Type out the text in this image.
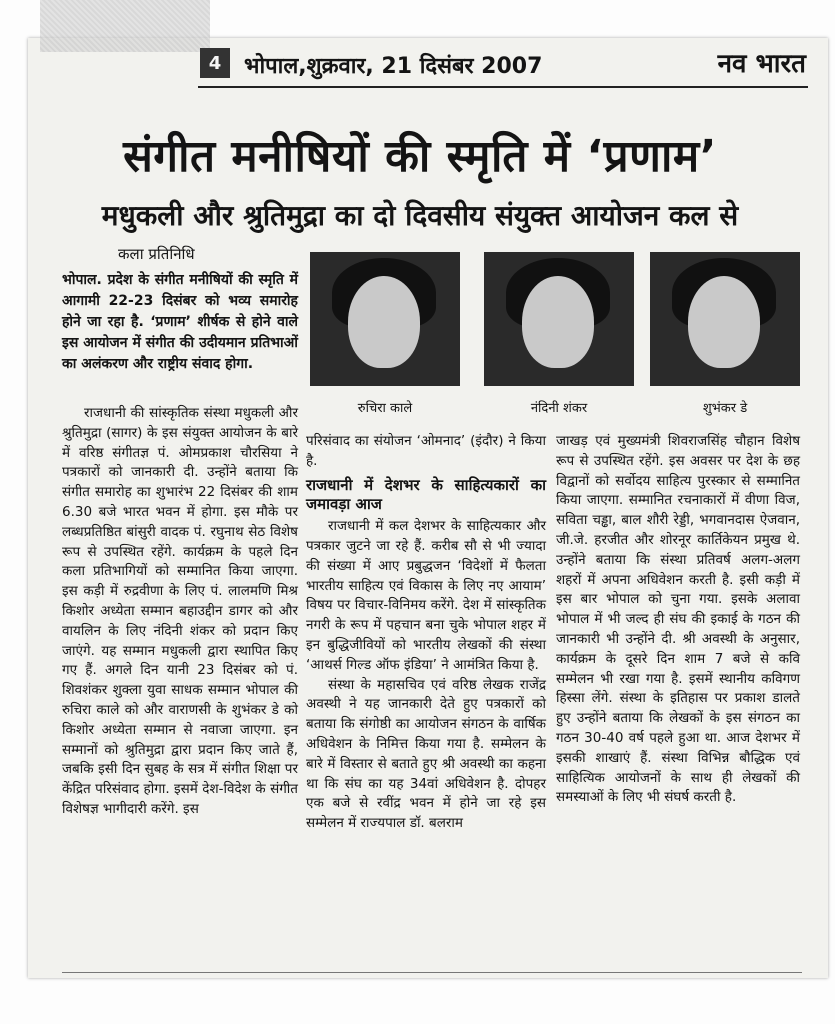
4	भोपाल,शुक्रवार, 21 दिसंबर 2007	नव भारत
संगीत मनीषियों की स्मृति में ‘प्रणाम’
मधुकली और श्रुतिमुद्रा का दो दिवसीय संयुक्त आयोजन कल से
कला प्रतिनिधि

भोपाल. प्रदेश के संगीत मनीषियों की स्मृति में आगामी 22-23 दिसंबर को भव्य समारोह होने जा रहा है. ‘प्रणाम’ शीर्षक से होने वाले इस आयोजन में संगीत की उदीयमान प्रतिभाओं का अलंकरण और राष्ट्रीय संवाद होगा.

रुचिरा काले	नंदिनी शंकर	शुभंकर डे

राजधानी की सांस्कृतिक संस्था मधुकली और श्रुतिमुद्रा (सागर) के इस संयुक्त आयोजन के बारे में वरिष्ठ संगीतज्ञ पं. ओमप्रकाश चौरसिया ने पत्रकारों को जानकारी दी. उन्होंने बताया कि संगीत समारोह का शुभारंभ 22 दिसंबर की शाम 6.30 बजे भारत भवन में होगा. इस मौके पर लब्धप्रतिष्ठित बांसुरी वादक पं. रघुनाथ सेठ विशेष रूप से उपस्थित रहेंगे. कार्यक्रम के पहले दिन कला प्रतिभागियों को सम्मानित किया जाएगा. इस कड़ी में रुद्रवीणा के लिए पं. लालमणि मिश्र किशोर अध्येता सम्मान बहाउद्दीन डागर को और वायलिन के लिए नंदिनी शंकर को प्रदान किए जाएंगे. यह सम्मान मधुकली द्वारा स्थापित किए गए हैं. अगले दिन यानी 23 दिसंबर को पं. शिवशंकर शुक्ला युवा साधक सम्मान भोपाल की रुचिरा काले को और वाराणसी के शुभंकर डे को किशोर अध्येता सम्मान से नवाजा जाएगा. इन सम्मानों को श्रुतिमुद्रा द्वारा प्रदान किए जाते हैं, जबकि इसी दिन सुबह के सत्र में संगीत शिक्षा पर केंद्रित परिसंवाद होगा. इसमें देश-विदेश के संगीत विशेषज्ञ भागीदारी करेंगे. इस

परिसंवाद का संयोजन ‘ओमनाद’ (इंदौर) ने किया है.

राजधानी में देशभर के साहित्यकारों का जमावड़ा आज

राजधानी में कल देशभर के साहित्यकार और पत्रकार जुटने जा रहे हैं. करीब सौ से भी ज्यादा की संख्या में आए प्रबुद्धजन ‘विदेशों में फैलता भारतीय साहित्य एवं विकास के लिए नए आयाम’ विषय पर विचार-विनिमय करेंगे. देश में सांस्कृतिक नगरी के रूप में पहचान बना चुके भोपाल शहर में इन बुद्धिजीवियों को भारतीय लेखकों की संस्था ‘आथर्स गिल्ड ऑफ इंडिया’ ने आमंत्रित किया है.

संस्था के महासचिव एवं वरिष्ठ लेखक राजेंद्र अवस्थी ने यह जानकारी देते हुए पत्रकारों को बताया कि संगोष्ठी का आयोजन संगठन के वार्षिक अधिवेशन के निमित्त किया गया है. सम्मेलन के बारे में विस्तार से बताते हुए श्री अवस्थी का कहना था कि संघ का यह 34वां अधिवेशन है. दोपहर एक बजे से रवींद्र भवन में होने जा रहे इस सम्मेलन में राज्यपाल डॉ. बलराम

जाखड़ एवं मुख्यमंत्री शिवराजसिंह चौहान विशेष रूप से उपस्थित रहेंगे. इस अवसर पर देश के छह विद्वानों को सर्वोदय साहित्य पुरस्कार से सम्मानित किया जाएगा. सम्मानित रचनाकारों में वीणा विज, सविता चड्ढा, बाल शौरी रेड्डी, भगवानदास ऐजवान, जी.जे. हरजीत और शोरनूर कार्तिकेयन प्रमुख थे. उन्होंने बताया कि संस्था प्रतिवर्ष अलग-अलग शहरों में अपना अधिवेशन करती है. इसी कड़ी में इस बार भोपाल को चुना गया. इसके अलावा भोपाल में भी जल्द ही संघ की इकाई के गठन की जानकारी भी उन्होंने दी. श्री अवस्थी के अनुसार, कार्यक्रम के दूसरे दिन शाम 7 बजे से कवि सम्मेलन भी रखा गया है. इसमें स्थानीय कविगण हिस्सा लेंगे. संस्था के इतिहास पर प्रकाश डालते हुए उन्होंने बताया कि लेखकों के इस संगठन का गठन 30-40 वर्ष पहले हुआ था. आज देशभर में इसकी शाखाएं हैं. संस्था विभिन्न बौद्धिक एवं साहित्यिक आयोजनों के साथ ही लेखकों की समस्याओं के लिए भी संघर्ष करती है.
